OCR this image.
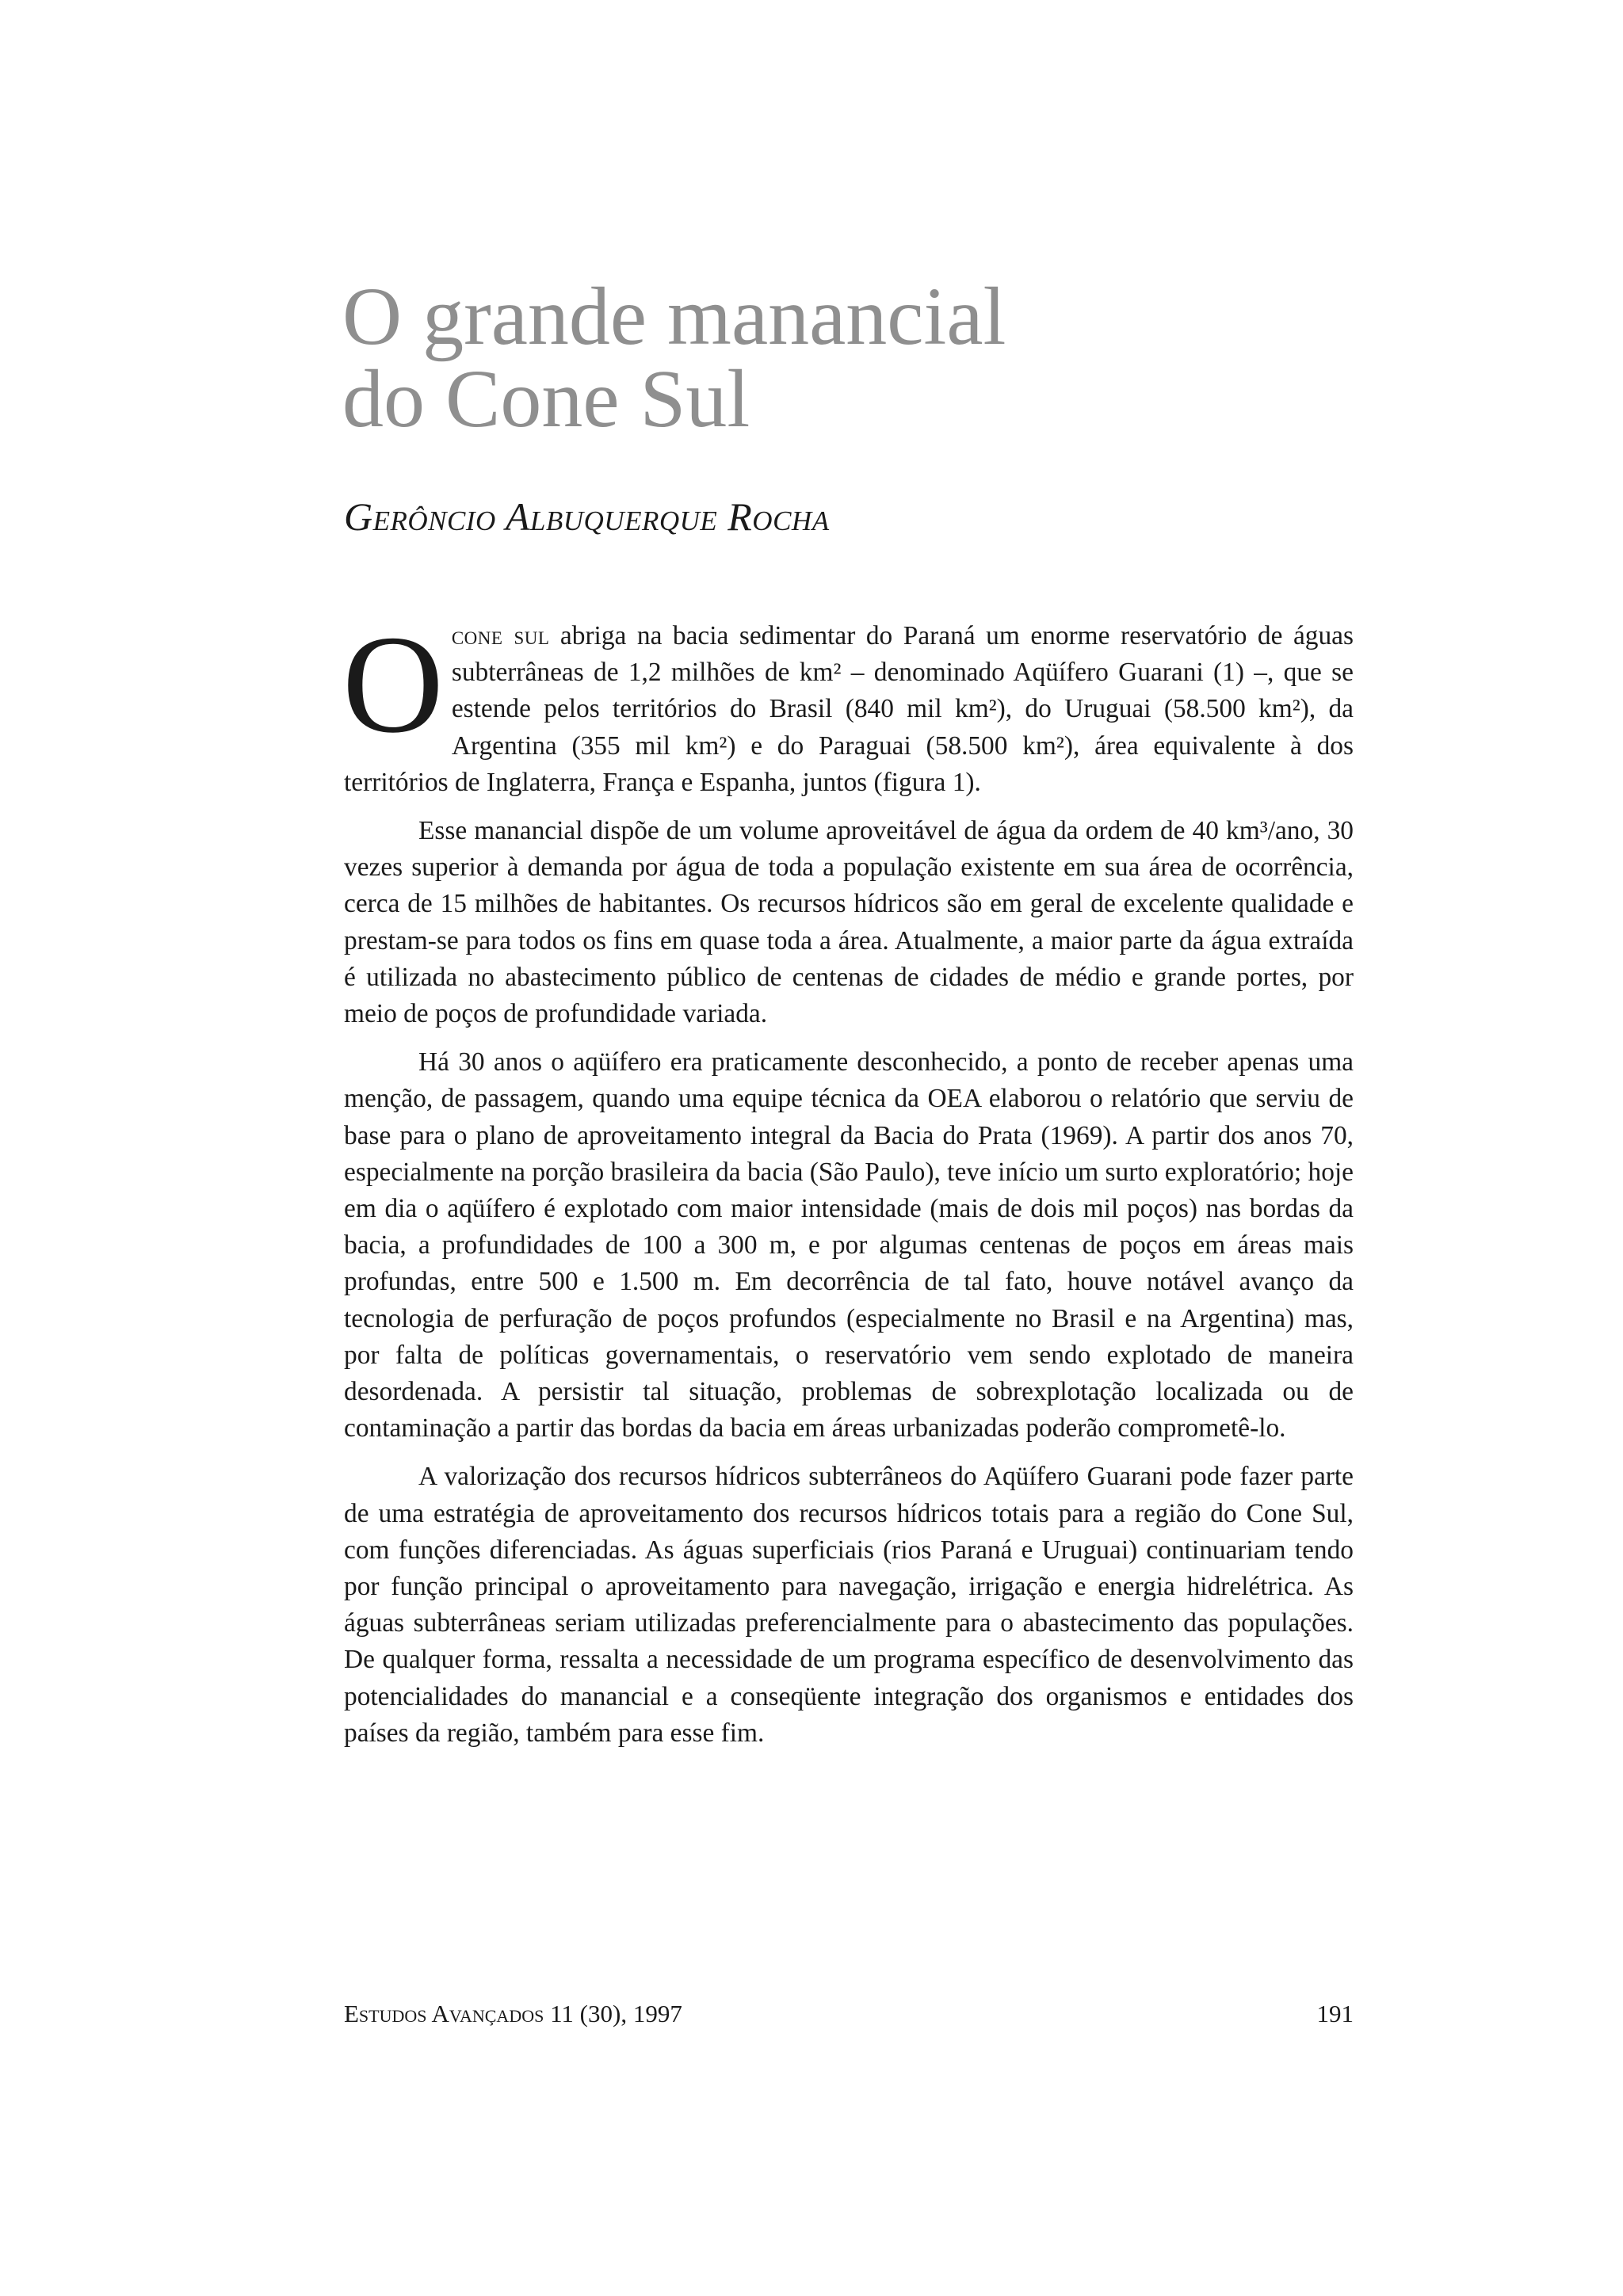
O grande manancial
do Cone Sul

Gerôncio Albuquerque Rocha

Ocone sul abriga na bacia sedimentar do Paraná um enorme reservatório de águas subterrâneas de 1,2 milhões de km² – denominado Aqüífero Guarani (1) –, que se estende pelos territórios do Brasil (840 mil km²), do Uruguai (58.500 km²), da Argentina (355 mil km²) e do Paraguai (58.500 km²), área equivalente à dos territórios de Inglaterra, França e Espanha, juntos (figura 1).

Esse manancial dispõe de um volume aproveitável de água da ordem de 40 km³/ano, 30 vezes superior à demanda por água de toda a população existente em sua área de ocorrência, cerca de 15 milhões de habitantes. Os recursos hídricos são em geral de excelente qualidade e prestam-se para todos os fins em quase toda a área. Atualmente, a maior parte da água extraída é utilizada no abastecimento público de centenas de cidades de médio e grande portes, por meio de poços de profundidade variada.

Há 30 anos o aqüífero era praticamente desconhecido, a ponto de receber apenas uma menção, de passagem, quando uma equipe técnica da OEA elaborou o relatório que serviu de base para o plano de aproveitamento integral da Bacia do Prata (1969). A partir dos anos 70, especialmente na porção brasileira da bacia (São Paulo), teve início um surto exploratório; hoje em dia o aqüífero é explotado com maior intensidade (mais de dois mil poços) nas bordas da bacia, a profundidades de 100 a 300 m, e por algumas centenas de poços em áreas mais profundas, entre 500 e 1.500 m. Em decorrência de tal fato, houve notável avanço da tecnologia de perfuração de poços profundos (especialmente no Brasil e na Argentina) mas, por falta de políticas governamentais, o reservatório vem sendo explotado de maneira desordenada. A persistir tal situação, problemas de sobrexplotação localizada ou de contaminação a partir das bordas da bacia em áreas urbanizadas poderão comprometê-lo.

A valorização dos recursos hídricos subterrâneos do Aqüífero Guarani pode fazer parte de uma estratégia de aproveitamento dos recursos hídricos totais para a região do Cone Sul, com funções diferenciadas. As águas superficiais (rios Paraná e Uruguai) continuariam tendo por função principal o aproveitamento para navegação, irrigação e energia hidrelétrica. As águas subterrâneas seriam utilizadas preferencialmente para o abastecimento das populações. De qualquer forma, ressalta a necessidade de um programa específico de desenvolvimento das potencialidades do manancial e a conseqüente integração dos organismos e entidades dos países da região, também para esse fim.

Estudos Avançados 11 (30), 1997	191
